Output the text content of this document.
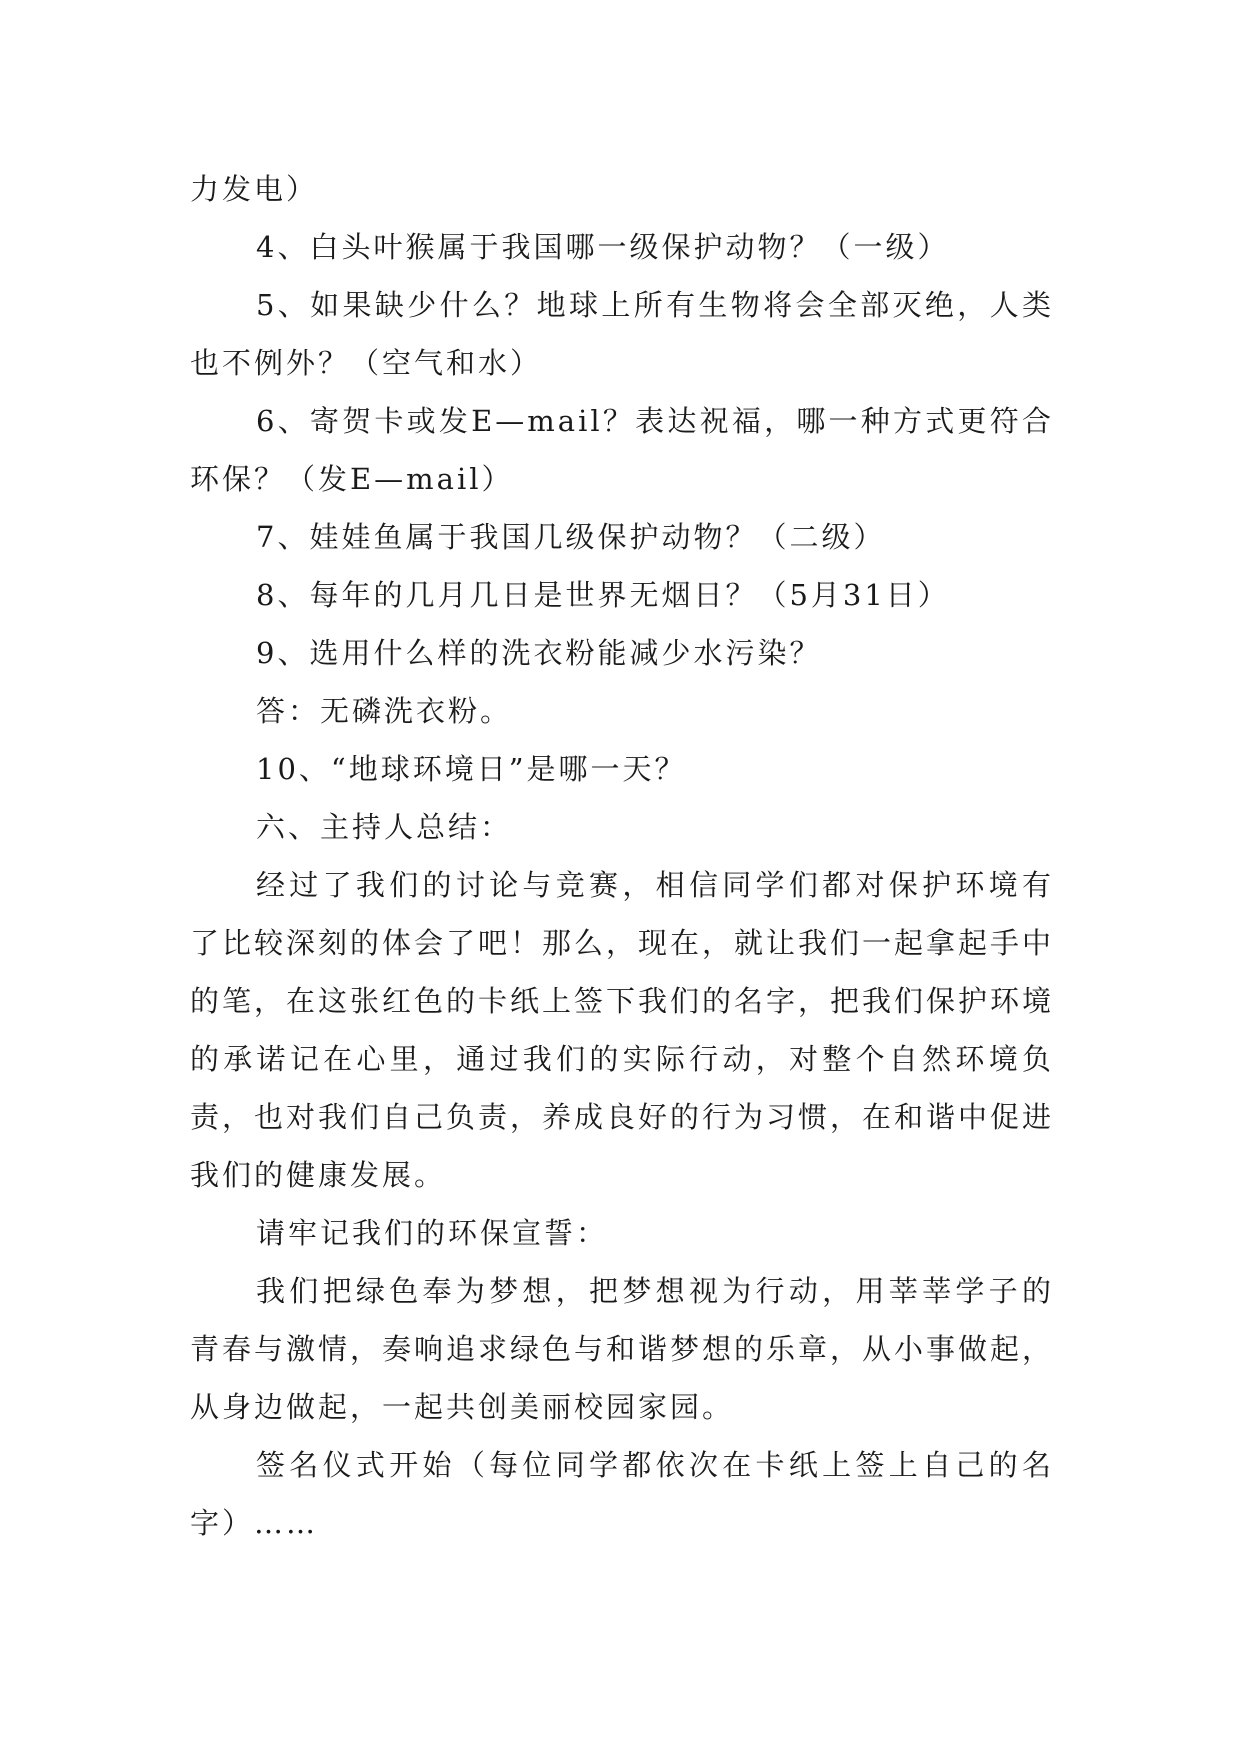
力发电）

4、白头叶猴属于我国哪一级保护动物？（一级）

5、如果缺少什么？地球上所有生物将会全部灭绝，人类也不例外？（空气和水）

6、寄贺卡或发E—mail？表达祝福，哪一种方式更符合环保？（发E—mail）

7、娃娃鱼属于我国几级保护动物？（二级）

8、每年的几月几日是世界无烟日？（5月31日）

9、选用什么样的洗衣粉能减少水污染？

答：无磷洗衣粉。

10、“地球环境日”是哪一天？

六、主持人总结：

经过了我们的讨论与竞赛，相信同学们都对保护环境有了比较深刻的体会了吧！那么，现在，就让我们一起拿起手中的笔，在这张红色的卡纸上签下我们的名字，把我们保护环境的承诺记在心里，通过我们的实际行动，对整个自然环境负责，也对我们自己负责，养成良好的行为习惯，在和谐中促进我们的健康发展。

请牢记我们的环保宣誓：

我们把绿色奉为梦想，把梦想视为行动，用莘莘学子的青春与激情，奏响追求绿色与和谐梦想的乐章，从小事做起，从身边做起，一起共创美丽校园家园。

签名仪式开始（每位同学都依次在卡纸上签上自己的名字）……
